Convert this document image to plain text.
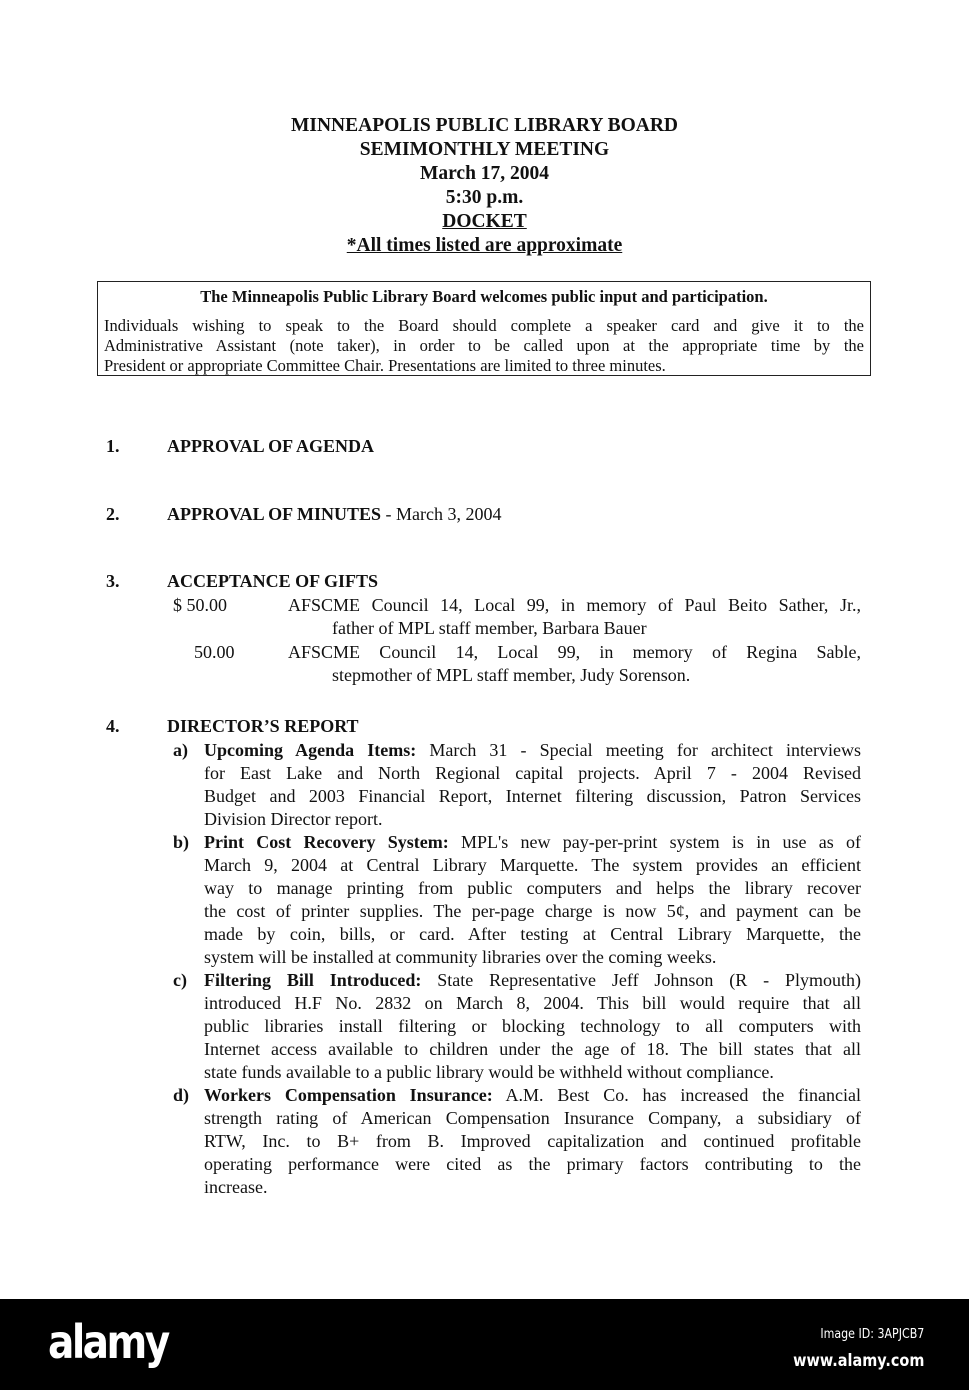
MINNEAPOLIS PUBLIC LIBRARY BOARD
SEMIMONTHLY MEETING
March 17, 2004
5:30 p.m.
DOCKET
*All times listed are approximate
The Minneapolis Public Library Board welcomes public input and participation.
Individuals wishing to speak to the Board should complete a speaker card and give it to the
Administrative Assistant (note taker), in order to be called upon at the appropriate time by the
President or appropriate Committee Chair. Presentations are limited to three minutes.
1.	APPROVAL OF AGENDA
2.	APPROVAL OF MINUTES - March 3, 2004
3.	ACCEPTANCE OF GIFTS
4.	DIRECTOR’S REPORT
$ 50.00	AFSCME Council 14, Local 99, in memory of Paul Beito Sather, Jr.,
father of MPL staff member, Barbara Bauer
50.00	AFSCME Council 14, Local 99, in memory of Regina Sable,
stepmother of MPL staff member, Judy Sorenson.
a) Upcoming Agenda Items: March 31 - Special meeting for architect interviews
for East Lake and North Regional capital projects. April 7 - 2004 Revised
Budget and 2003 Financial Report, Internet filtering discussion, Patron Services
Division Director report.
b) Print Cost Recovery System: MPL's new pay-per-print system is in use as of
March 9, 2004 at Central Library Marquette. The system provides an efficient
way to manage printing from public computers and helps the library recover
the cost of printer supplies. The per-page charge is now 5¢, and payment can be
made by coin, bills, or card. After testing at Central Library Marquette, the
system will be installed at community libraries over the coming weeks.
c) Filtering Bill Introduced: State Representative Jeff Johnson (R - Plymouth)
introduced H.F No. 2832 on March 8, 2004. This bill would require that all
public libraries install filtering or blocking technology to all computers with
Internet access available to children under the age of 18. The bill states that all
state funds available to a public library would be withheld without compliance.
d) Workers Compensation Insurance: A.M. Best Co. has increased the financial
strength rating of American Compensation Insurance Company, a subsidiary of
RTW, Inc. to B+ from B. Improved capitalization and continued profitable
operating performance were cited as the primary factors contributing to the
increase.
alamy	Image ID: 3APJCB7
www.alamy.com
